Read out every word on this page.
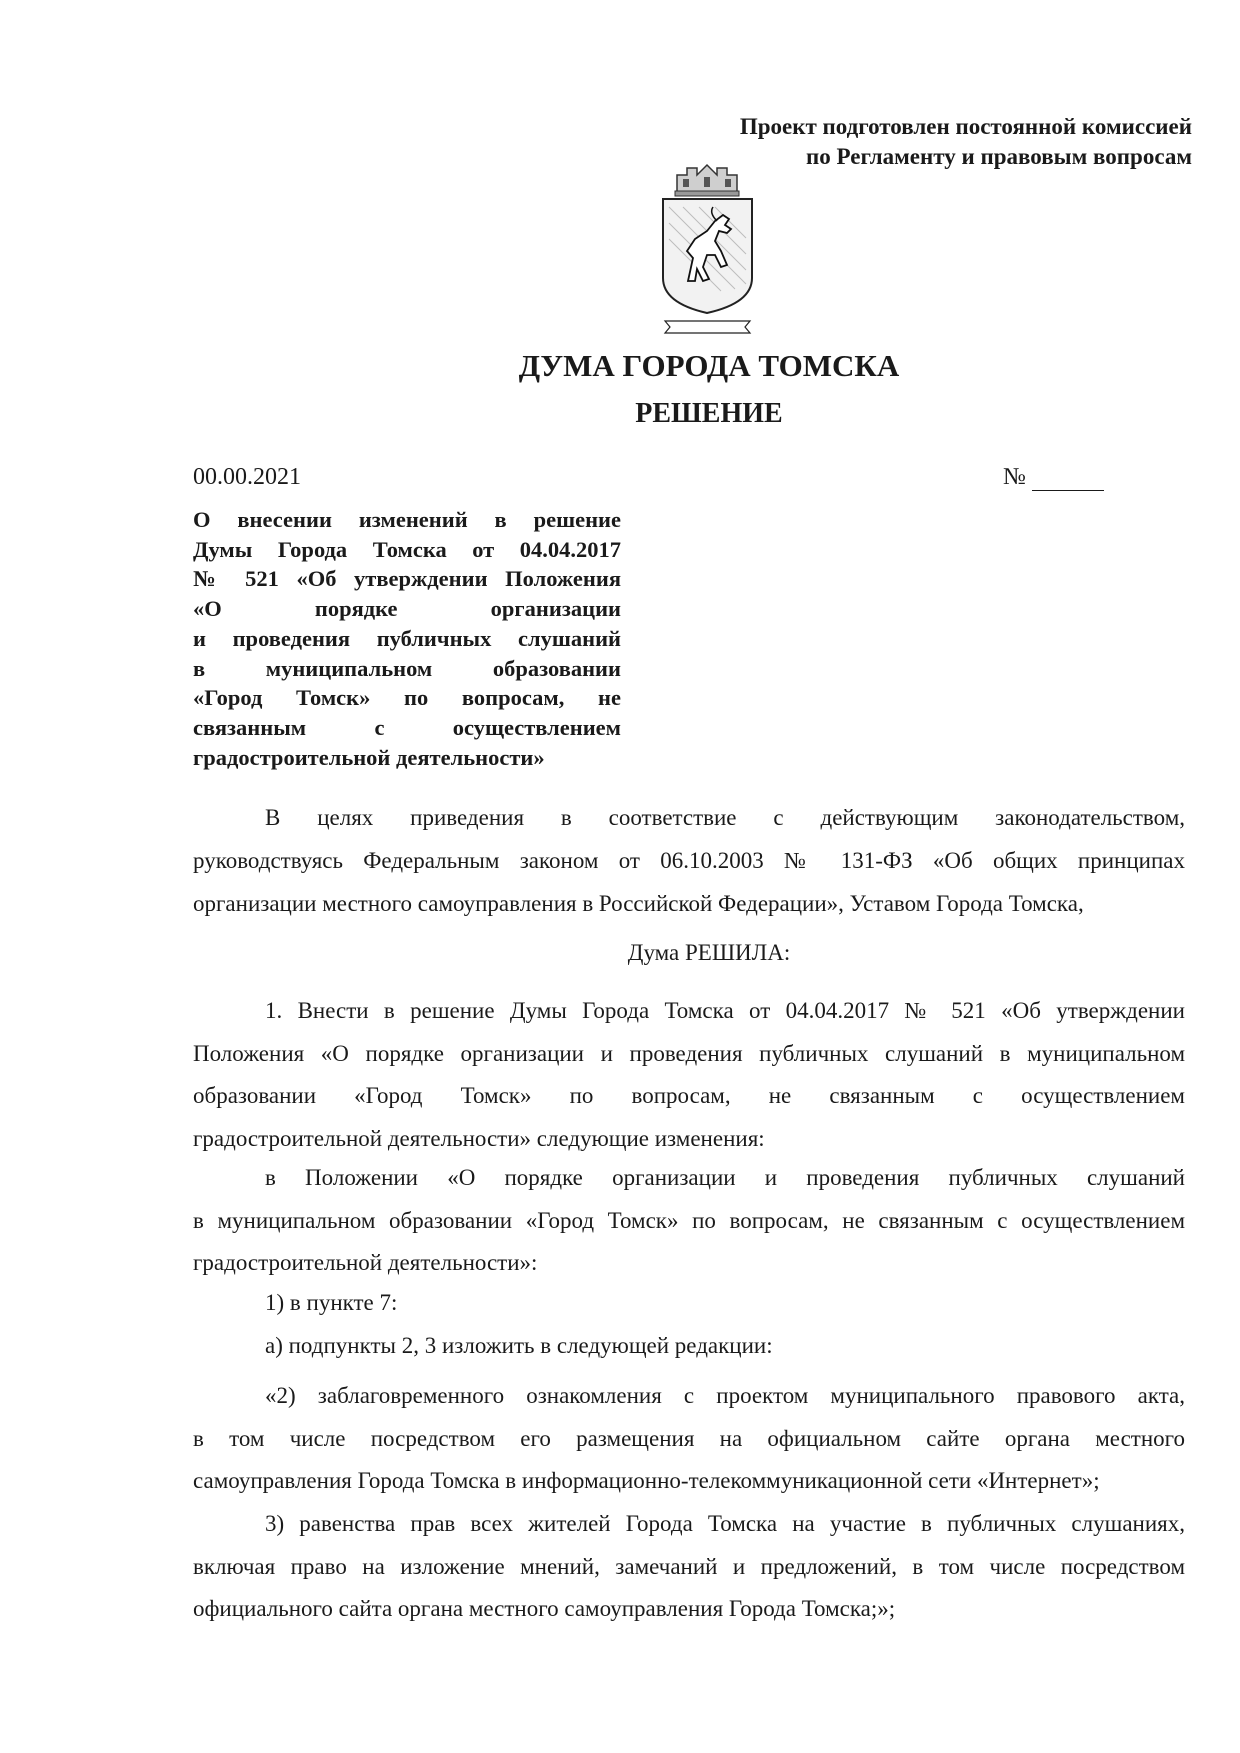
Проект подготовлен постоянной комиссией
по Регламенту и правовым вопросам
ДУМА ГОРОДА ТОМСКА
РЕШЕНИЕ
00.00.2021	№
О внесении изменений в решение
Думы Города Томска от 04.04.2017
№ 521 «Об утверждении Положения
«О порядке организации
и проведения публичных слушаний
в муниципальном образовании
«Город Томск» по вопросам, не
связанным с осуществлением
градостроительной деятельности»
В целях приведения в соответствие с действующим законодательством,
руководствуясь Федеральным законом от 06.10.2003 № 131-ФЗ «Об общих принципах
организации местного самоуправления в Российской Федерации», Уставом Города Томска,
Дума РЕШИЛА:
1. Внести в решение Думы Города Томска от 04.04.2017 № 521 «Об утверждении
Положения «О порядке организации и проведения публичных слушаний в муниципальном
образовании «Город Томск» по вопросам, не связанным с осуществлением
градостроительной деятельности» следующие изменения:
в Положении «О порядке организации и проведения публичных слушаний
в муниципальном образовании «Город Томск» по вопросам, не связанным с осуществлением
градостроительной деятельности»:
1) в пункте 7:
а) подпункты 2, 3 изложить в следующей редакции:
«2) заблаговременного ознакомления с проектом муниципального правового акта,
в том числе посредством его размещения на официальном сайте органа местного
самоуправления Города Томска в информационно-телекоммуникационной сети «Интернет»;
3) равенства прав всех жителей Города Томска на участие в публичных слушаниях,
включая право на изложение мнений, замечаний и предложений, в том числе посредством
официального сайта органа местного самоуправления Города Томска;»;
